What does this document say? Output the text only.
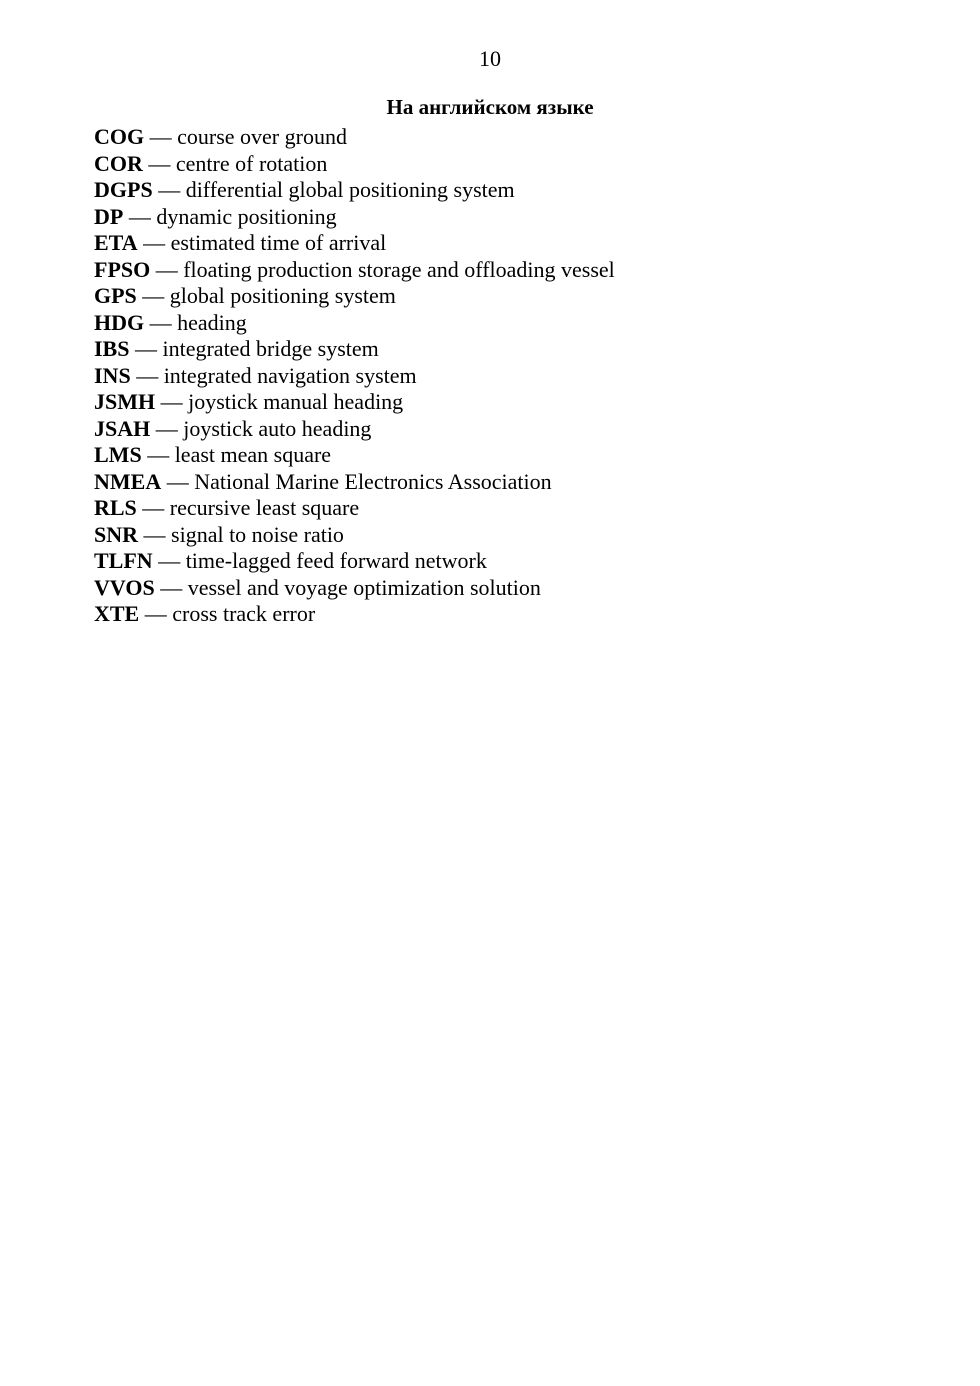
10
На английском языке
COG — course over ground
COR — centre of rotation
DGPS — differential global positioning system
DP — dynamic positioning
ETA — estimated time of arrival
FPSO — floating production storage and offloading vessel
GPS — global positioning system
HDG — heading
IBS — integrated bridge system
INS — integrated navigation system
JSMH — joystick manual heading
JSAH — joystick auto heading
LMS — least mean square
NMEA — National Marine Electronics Association
RLS — recursive least square
SNR — signal to noise ratio
TLFN — time-lagged feed forward network
VVOS — vessel and voyage optimization solution
XTE — cross track error
